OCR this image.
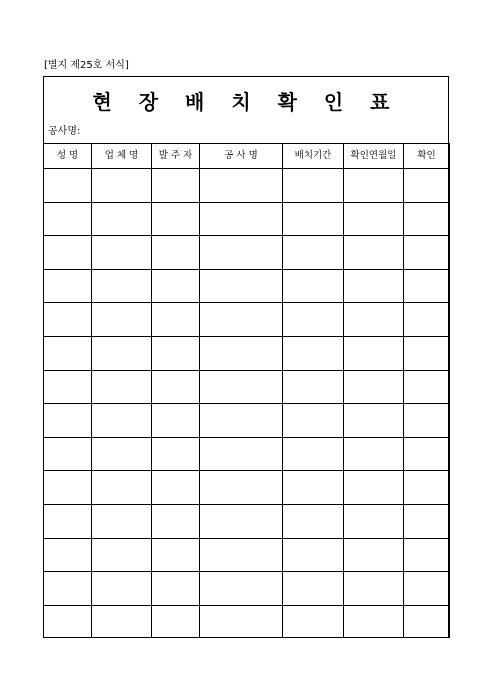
[별지 제25호 서식]
현 장 배 치 확 인 표
공사명:
성 명	업 체 명	발 주 자	공 사 명	배치기간	확인연월일	확인
